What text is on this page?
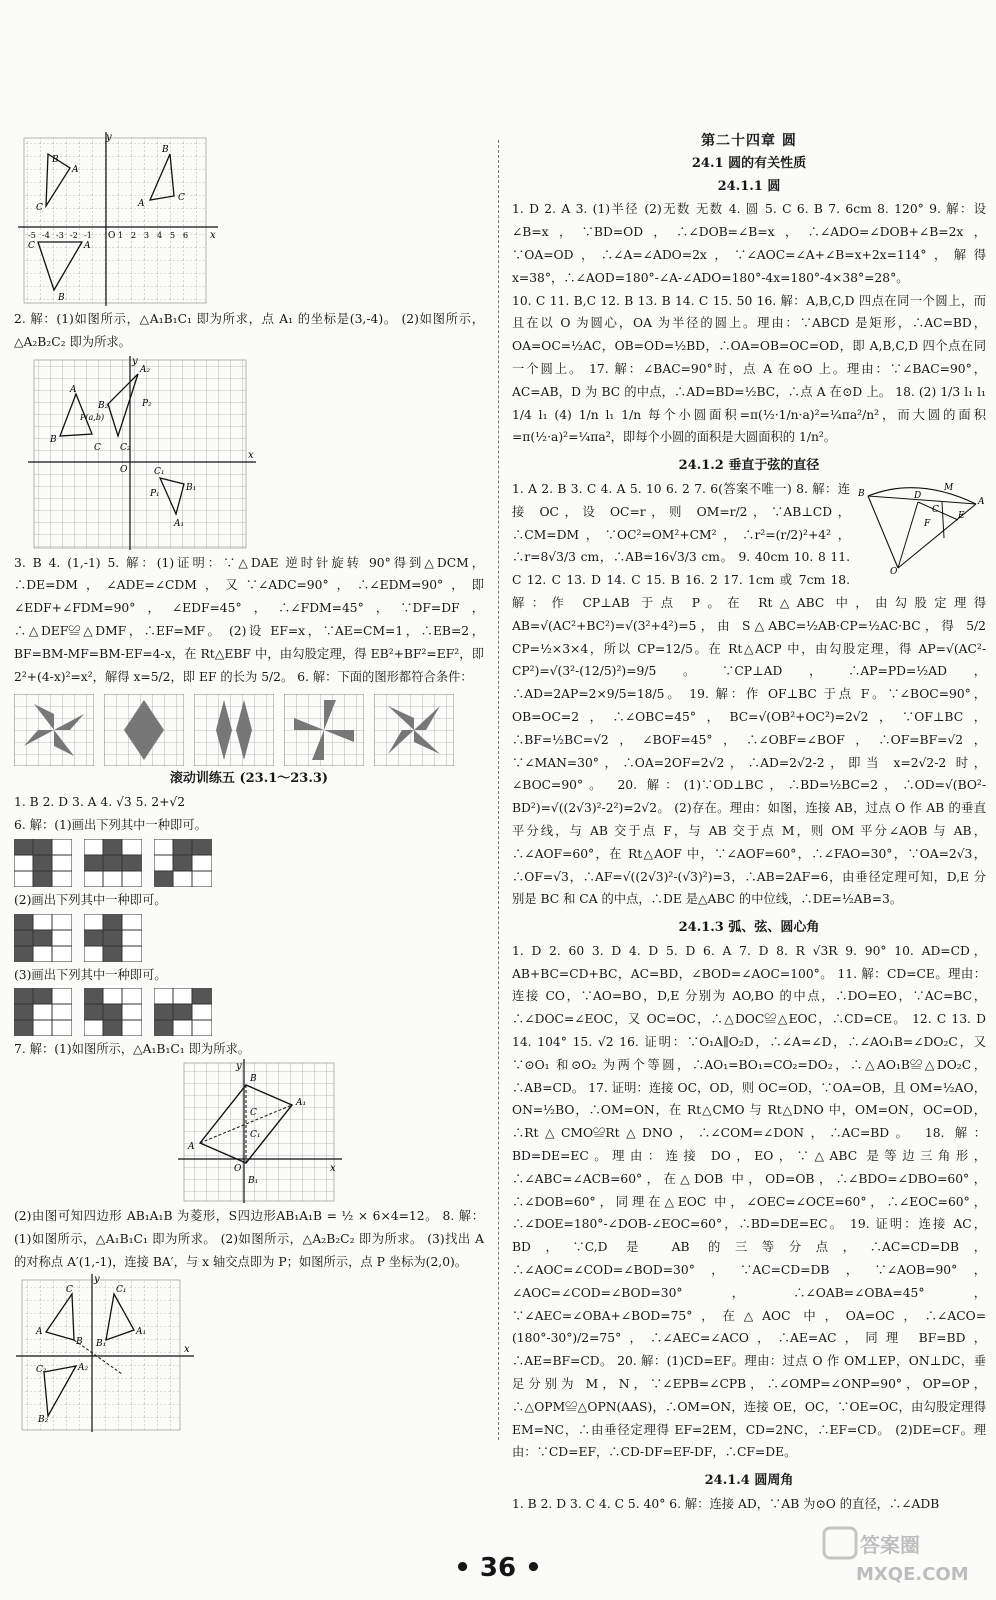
y
x
O
-5 -4 -3 -2 -1	1 2 3 4 5 6
B
A
C
B
C
A
C	A
B

2. 解：(1)如图所示，△A₁B₁C₁ 即为所求，点 A₁ 的坐标是(3,-4)。 (2)如图所示，△A₂B₂C₂ 即为所求。

A
B
P(a,b)
C
B₂
A₂
P₂
C₂
O
y
x
C₁
P₁
B₁
A₁

3. B 4. (1,-1) 5. 解：(1)证明：∵△DAE 逆时针旋转 90°得到△DCM，∴DE=DM，∠ADE=∠CDM，又∵∠ADC=90°，∴∠EDM=90°，即∠EDF+∠FDM=90°，∠EDF=45°，∴∠FDM=45°，∵DF=DF，∴△DEF≌△DMF，∴EF=MF。 (2)设 EF=x，∵AE=CM=1，∴EB=2，BF=BM-MF=BM-EF=4-x，在 Rt△EBF 中，由勾股定理，得 EB²+BF²=EF²，即 2²+(4-x)²=x²，解得 x=5/2，即 EF 的长为 5/2。 6. 解：下面的图形都符合条件：

滚动训练五 (23.1～23.3)

1. B 2. D 3. A 4. √3 5. 2+√2

6. 解：(1)画出下列其中一种即可。

(2)画出下列其中一种即可。

(3)画出下列其中一种即可。

7. 解：(1)如图所示，△A₁B₁C₁ 即为所求。

y
B
C
A₁
A
C₁
O	x
B₁

(2)由图可知四边形 AB₁A₁B 为菱形，S四边形AB₁A₁B = ½ × 6×4=12。 8. 解：(1)如图所示，△A₁B₁C₁ 即为所求。 (2)如图所示，△A₂B₂C₂ 即为所求。 (3)找出 A 的对称点 A′(1,-1)，连接 BA′，与 x 轴交点即为 P；如图所示，点 P 坐标为(2,0)。

y
C
A
B
C₁
A₁
B₁
C₂	A₂
B₂
x

第二十四章 圆

24.1 圆的有关性质

24.1.1 圆

1. D 2. A 3. (1)半径 (2)无数 无数 4. 圆 5. C 6. B 7. 6cm 8. 120° 9. 解：设∠B=x，∵BD=OD，∴∠DOB=∠B=x，∴∠ADO=∠DOB+∠B=2x，∵OA=OD，∴∠A=∠ADO=2x，∵∠AOC=∠A+∠B=x+2x=114°，解得 x=38°，∴∠AOD=180°-∠A-∠ADO=180°-4x=180°-4×38°=28°。

10. C 11. B,C 12. B 13. B 14. C 15. 50 16. 解：A,B,C,D 四点在同一个圆上，而且在以 O 为圆心，OA 为半径的圆上。理由：∵ABCD 是矩形，∴AC=BD，OA=OC=½AC，OB=OD=½BD，∴OA=OB=OC=OD，即 A,B,C,D 四个点在同一个圆上。 17. 解：∠BAC=90°时，点 A 在⊙O 上。理由：∵∠BAC=90°，AC=AB，D 为 BC 的中点，∴AD=BD=½BC，∴点 A 在⊙D 上。 18. (2) 1/3 l₁ l₁ 1/4 l₁ (4) 1/n l₁ 1/n 每个小圆面积=π(½·1/n·a)²=¼πa²/n²，而大圆的面积=π(½·a)²=¼πa²，即每个小圆的面积是大圆面积的 1/n²。

24.1.2 垂直于弦的直径

B	D
M
C
F
E
A
O

1. A 2. B 3. C 4. A 5. 10 6. 2 7. 6(答案不唯一) 8. 解：连接 OC，设 OC=r，则 OM=r/2，∵AB⊥CD，∴CM=DM，∵OC²=OM²+CM²，∴r²=(r/2)²+4²，∴r=8√3/3 cm，∴AB=16√3/3 cm。 9. 40cm 10. 8 11. C 12. C 13. D 14. C 15. B 16. 2 17. 1cm 或 7cm 18. 解：作 CP⊥AB 于点 P。在 Rt△ABC 中，由勾股定理得 AB=√(AC²+BC²)=√(3²+4²)=5，由 S△ABC=½AB·CP=½AC·BC，得 5/2 CP=½×3×4，所以 CP=12/5。在 Rt△ACP 中，由勾股定理，得 AP=√(AC²-CP²)=√(3²-(12/5)²)=9/5。∵CP⊥AD，∴AP=PD=½AD，∴AD=2AP=2×9/5=18/5。 19. 解：作 OF⊥BC 于点 F。∵∠BOC=90°，OB=OC=2，∴∠OBC=45°，BC=√(OB²+OC²)=2√2，∵OF⊥BC，∴BF=½BC=√2，∠BOF=45°，∴∠OBF=∠BOF，∴OF=BF=√2，∵∠MAN=30°，∴OA=2OF=2√2，∴AD=2√2-2，即当 x=2√2-2 时，∠BOC=90°。 20. 解：(1)∵OD⊥BC，∴BD=½BC=2，∴OD=√(BO²-BD²)=√((2√3)²-2²)=2√2。 (2)存在。理由：如图，连接 AB，过点 O 作 AB 的垂直平分线，与 AB 交于点 F，与 AB 交于点 M，则 OM 平分∠AOB 与 AB，∴∠AOF=60°，在 Rt△AOF 中，∵∠AOF=60°，∴∠FAO=30°，∵OA=2√3，∴OF=√3，∴AF=√((2√3)²-(√3)²)=3，∴AB=2AF=6，由垂径定理可知，D,E 分别是 BC 和 CA 的中点，∴DE 是△ABC 的中位线，∴DE=½AB=3。

24.1.3 弧、弦、圆心角

1. D 2. 60 3. D 4. D 5. D 6. A 7. D 8. R √3R 9. 90° 10. AD=CD，AB+BC=CD+BC，AC=BD，∠BOD=∠AOC=100°。 11. 解：CD=CE。理由：连接 CO，∵AO=BO，D,E 分别为 AO,BO 的中点，∴DO=EO，∵AC=BC，∴∠DOC=∠EOC，又 OC=OC，∴△DOC≌△EOC，∴CD=CE。 12. C 13. D 14. 104° 15. √2 16. 证明：∵O₁A∥O₂D，∴∠A=∠D，∴∠AO₁B=∠DO₂C，又∵⊙O₁ 和⊙O₂ 为两个等圆，∴AO₁=BO₁=CO₂=DO₂，∴△AO₁B≌△DO₂C，∴AB=CD。 17. 证明：连接 OC，OD，则 OC=OD，∵OA=OB，且 OM=½AO，ON=½BO，∴OM=ON，在 Rt△CMO 与 Rt△DNO 中，OM=ON，OC=OD，∴Rt△CMO≌Rt△DNO，∴∠COM=∠DON，∴AC=BD。 18. 解：BD=DE=EC。理由：连接 DO，EO，∵△ABC 是等边三角形，∴∠ABC=∠ACB=60°，在△DOB 中，OD=OB，∴∠BDO=∠DBO=60°，∴∠DOB=60°，同理在△EOC 中，∠OEC=∠OCE=60°，∴∠EOC=60°，∴∠DOE=180°-∠DOB-∠EOC=60°，∴BD=DE=EC。 19. 证明：连接 AC，BD，∵C,D 是 AB 的三等分点，∴AC=CD=DB，∴∠AOC=∠COD=∠BOD=30°，∵AC=CD=DB，∵∠AOB=90°，∠AOC=∠COD=∠BOD=30°，∴∠OAB=∠OBA=45°，∵∠AEC=∠OBA+∠BOD=75°，在△AOC 中，OA=OC，∴∠ACO=(180°-30°)/2=75°，∴∠AEC=∠ACO，∴AE=AC，同理 BF=BD，∴AE=BF=CD。 20. 解：(1)CD=EF。理由：过点 O 作 OM⊥EP，ON⊥DC，垂足分别为 M，N，∵∠EPB=∠CPB，∴∠OMP=∠ONP=90°，OP=OP，∴△OPM≌△OPN(AAS)，∴OM=ON，连接 OE，OC，∵OE=OC，由勾股定理得 EM=NC，∴由垂径定理得 EF=2EM，CD=2NC，∴EF=CD。 (2)DE=CF。理由：∵CD=EF，∴CD-DF=EF-DF，∴CF=DE。

24.1.4 圆周角

1. B 2. D 3. C 4. C 5. 40° 6. 解：连接 AD，∵AB 为⊙O 的直径，∴∠ADB

• 36 •
答案圈
MXQE.COM
